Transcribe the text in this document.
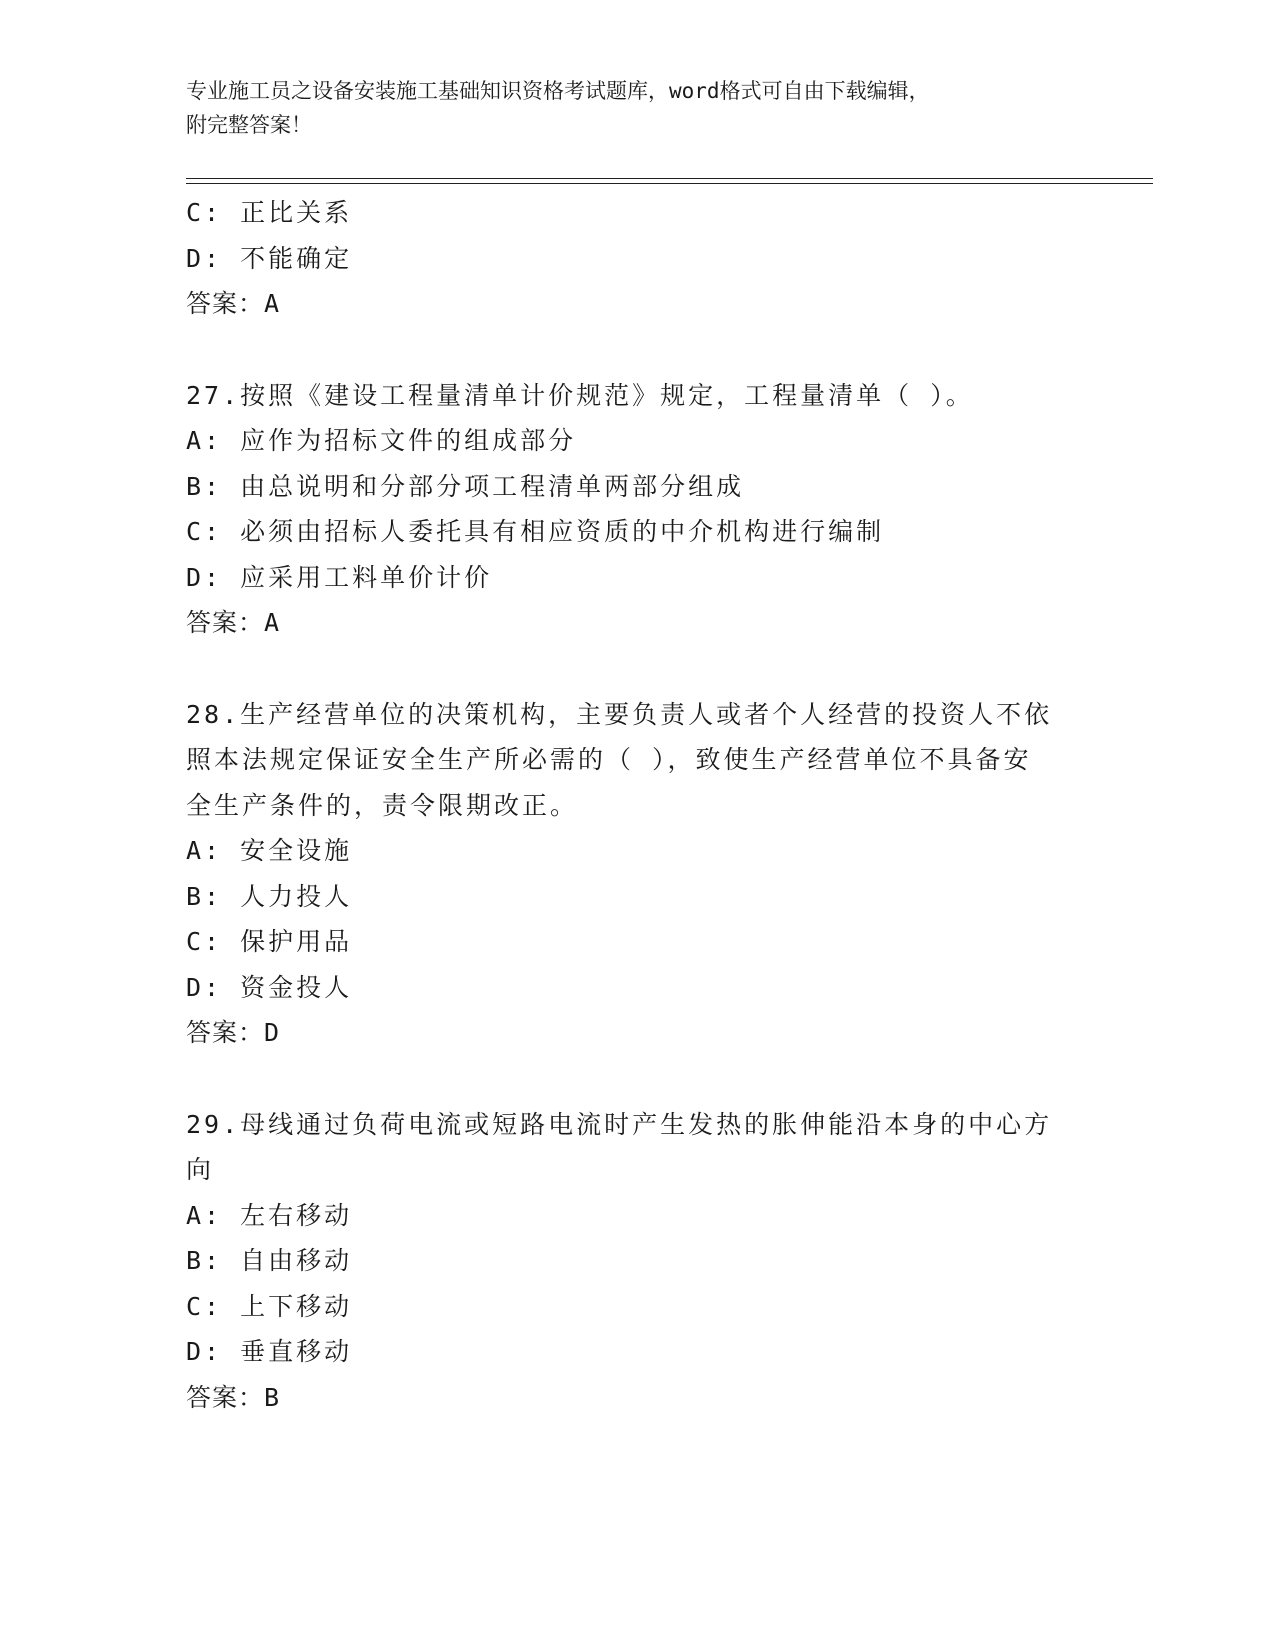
专业施工员之设备安装施工基础知识资格考试题库，word格式可自由下载编辑，
附完整答案！
C: 正比关系
D: 不能确定
答案：A
27.按照《建设工程量清单计价规范》规定，工程量清单（ ）。
A: 应作为招标文件的组成部分
B: 由总说明和分部分项工程清单两部分组成
C: 必须由招标人委托具有相应资质的中介机构进行编制
D: 应采用工料单价计价
答案：A
28.生产经营单位的决策机构，主要负责人或者个人经营的投资人不依
照本法规定保证安全生产所必需的（ ），致使生产经营单位不具备安
全生产条件的，责令限期改正。
A: 安全设施
B: 人力投人
C: 保护用品
D: 资金投人
答案：D
29.母线通过负荷电流或短路电流时产生发热的胀伸能沿本身的中心方
向
A: 左右移动
B: 自由移动
C: 上下移动
D: 垂直移动
答案：B
